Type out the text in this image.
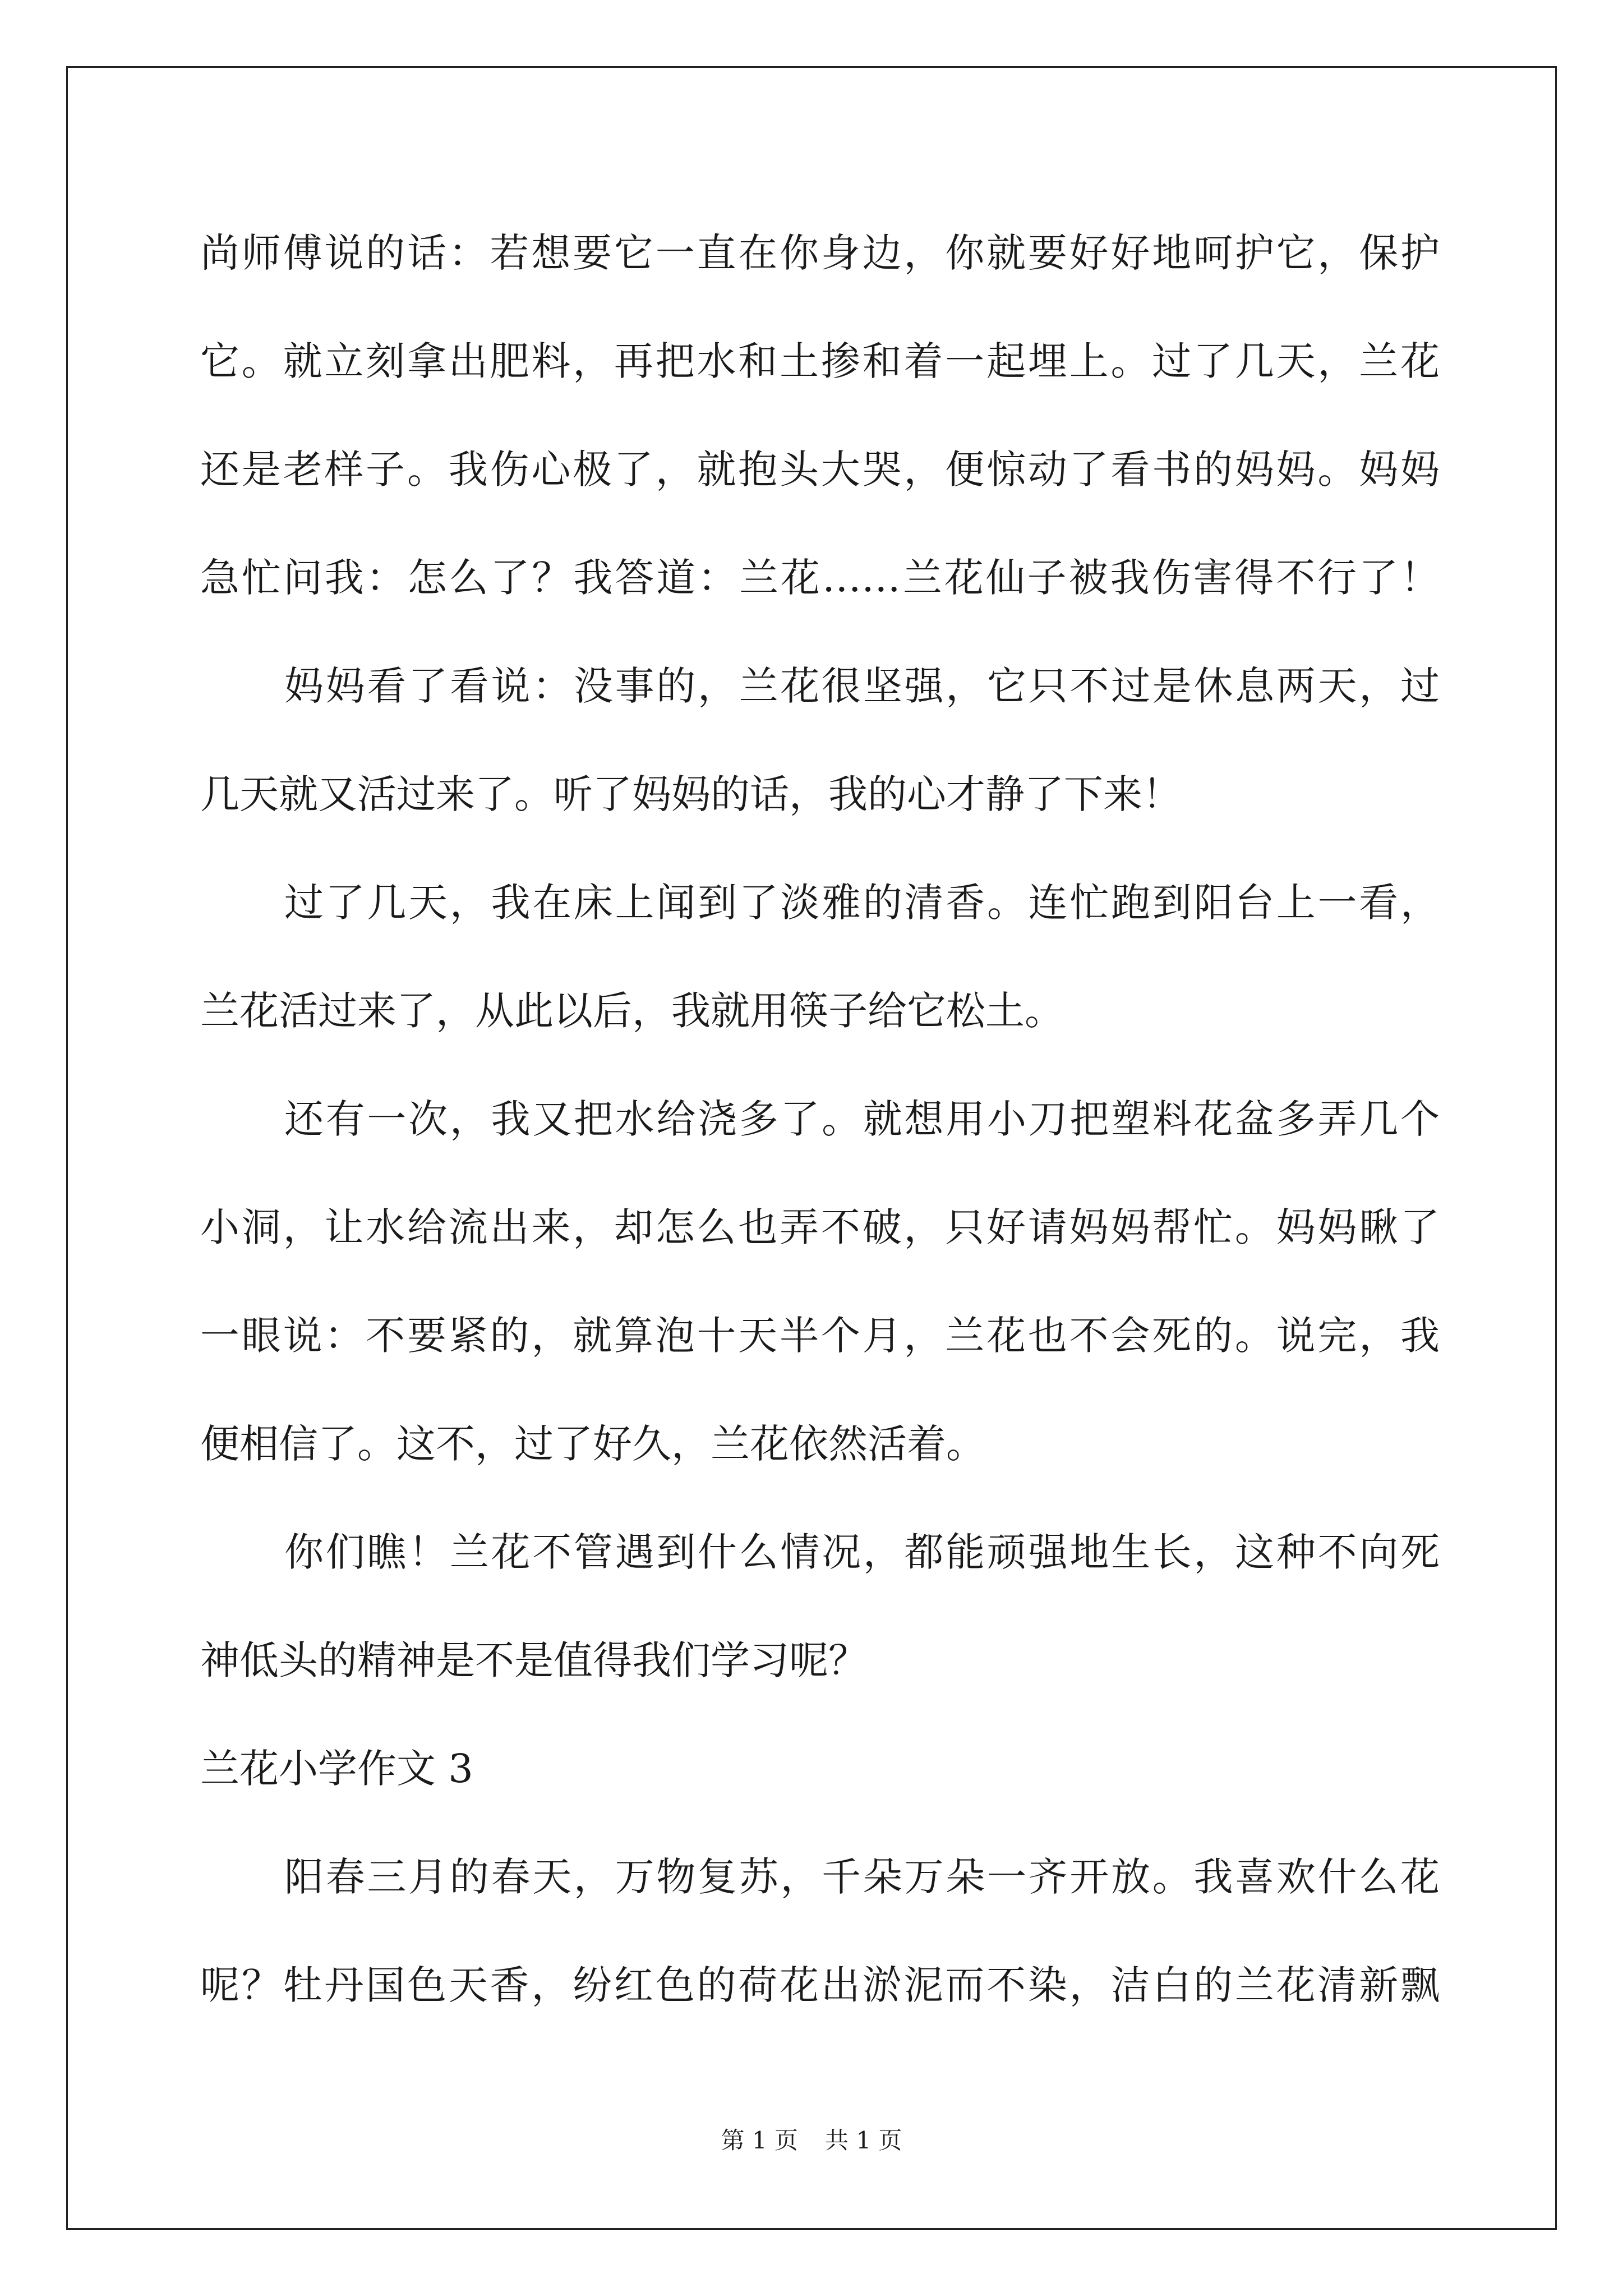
尚师傅说的话：若想要它一直在你身边，你就要好好地呵护它，保护
它。就立刻拿出肥料，再把水和土掺和着一起埋上。过了几天，兰花
还是老样子。我伤心极了，就抱头大哭，便惊动了看书的妈妈。妈妈
急忙问我：怎么了？我答道：兰花……兰花仙子被我伤害得不行了！
妈妈看了看说：没事的，兰花很坚强，它只不过是休息两天，过
几天就又活过来了。听了妈妈的话，我的心才静了下来！
过了几天，我在床上闻到了淡雅的清香。连忙跑到阳台上一看，
兰花活过来了，从此以后，我就用筷子给它松土。
还有一次，我又把水给浇多了。就想用小刀把塑料花盆多弄几个
小洞，让水给流出来，却怎么也弄不破，只好请妈妈帮忙。妈妈瞅了
一眼说：不要紧的，就算泡十天半个月，兰花也不会死的。说完，我
便相信了。这不，过了好久，兰花依然活着。
你们瞧！兰花不管遇到什么情况，都能顽强地生长，这种不向死
神低头的精神是不是值得我们学习呢？
兰花小学作文 3
阳春三月的春天，万物复苏，千朵万朵一齐开放。我喜欢什么花
呢？牡丹国色天香，纷红色的荷花出淤泥而不染，洁白的兰花清新飘
第 1 页 共 1 页
